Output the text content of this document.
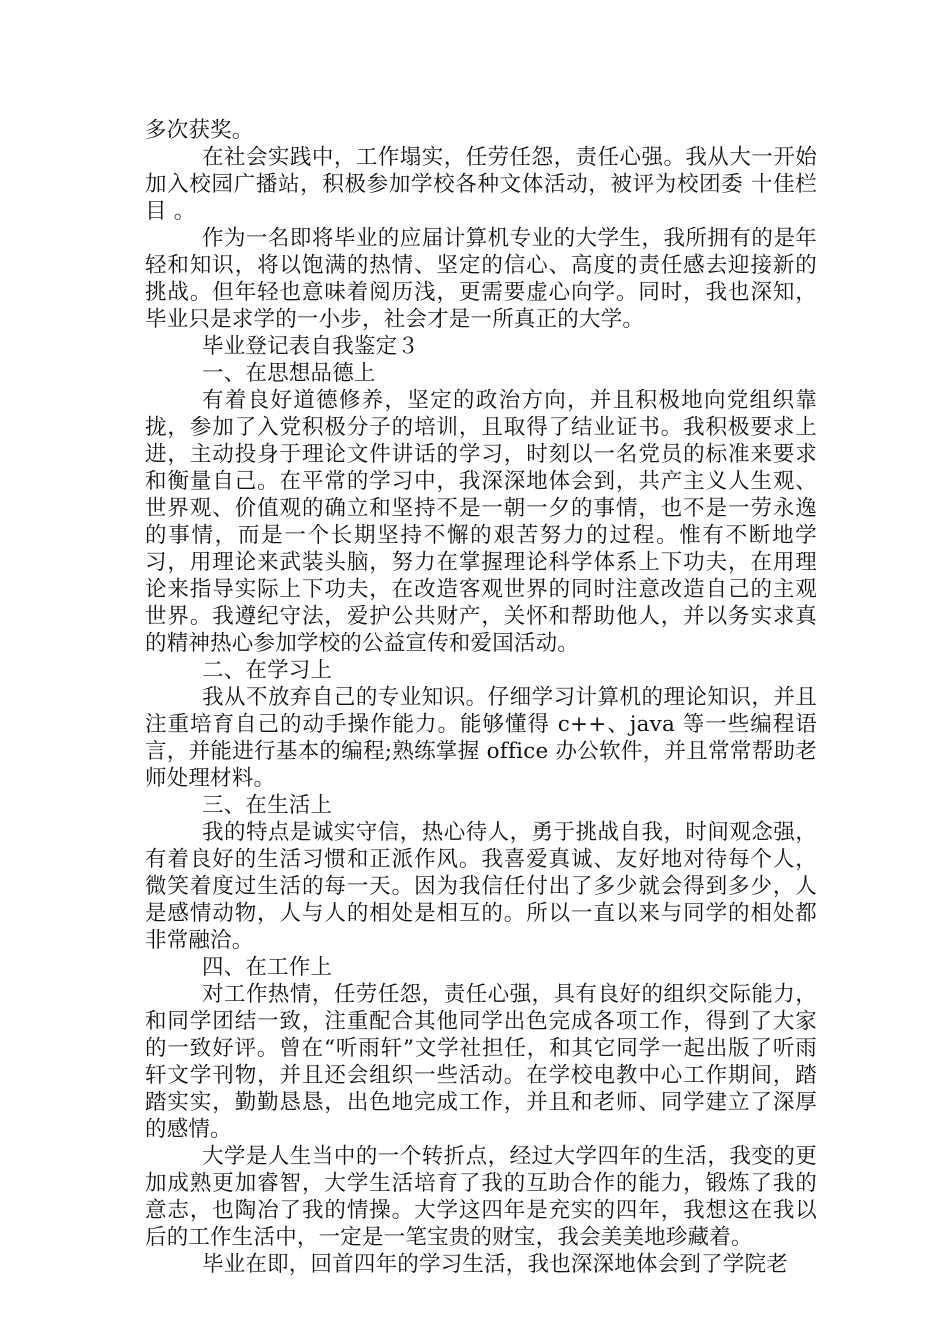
多次获奖。

在社会实践中，工作塌实，任劳任怨，责任心强。我从大一开始加入校园广播站，积极参加学校各种文体活动，被评为校团委 十佳栏目 。

作为一名即将毕业的应届计算机专业的大学生，我所拥有的是年轻和知识，将以饱满的热情、坚定的信心、高度的责任感去迎接新的挑战。但年轻也意味着阅历浅，更需要虚心向学。同时，我也深知，毕业只是求学的一小步，社会才是一所真正的大学。

毕业登记表自我鉴定３

一、在思想品德上

有着良好道德修养，坚定的政治方向，并且积极地向党组织靠拢，参加了入党积极分子的培训，且取得了结业证书。我积极要求上进，主动投身于理论文件讲话的学习，时刻以一名党员的标准来要求和衡量自己。在平常的学习中，我深深地体会到，共产主义人生观、世界观、价值观的确立和坚持不是一朝一夕的事情，也不是一劳永逸的事情，而是一个长期坚持不懈的艰苦努力的过程。惟有不断地学习，用理论来武装头脑，努力在掌握理论科学体系上下功夫，在用理论来指导实际上下功夫，在改造客观世界的同时注意改造自己的主观世界。我遵纪守法，爱护公共财产，关怀和帮助他人，并以务实求真的精神热心参加学校的公益宣传和爱国活动。

二、在学习上

我从不放弃自己的专业知识。仔细学习计算机的理论知识，并且注重培育自己的动手操作能力。能够懂得 c++、java 等一些编程语言，并能进行基本的编程;熟练掌握 office 办公软件，并且常常帮助老师处理材料。

三、在生活上

我的特点是诚实守信，热心待人，勇于挑战自我，时间观念强，有着良好的生活习惯和正派作风。我喜爱真诚、友好地对待每个人，微笑着度过生活的每一天。因为我信任付出了多少就会得到多少，人是感情动物，人与人的相处是相互的。所以一直以来与同学的相处都非常融洽。

四、在工作上

对工作热情，任劳任怨，责任心强，具有良好的组织交际能力，和同学团结一致，注重配合其他同学出色完成各项工作，得到了大家的一致好评。曾在“听雨轩”文学社担任，和其它同学一起出版了听雨轩文学刊物，并且还会组织一些活动。在学校电教中心工作期间，踏踏实实，勤勤恳恳，出色地完成工作，并且和老师、同学建立了深厚的感情。

大学是人生当中的一个转折点，经过大学四年的生活，我变的更加成熟更加睿智，大学生活培育了我的互助合作的能力，锻炼了我的意志，也陶冶了我的情操。大学这四年是充实的四年，我想这在我以后的工作生活中，一定是一笔宝贵的财宝，我会美美地珍藏着。

毕业在即，回首四年的学习生活，我也深深地体会到了学院老
